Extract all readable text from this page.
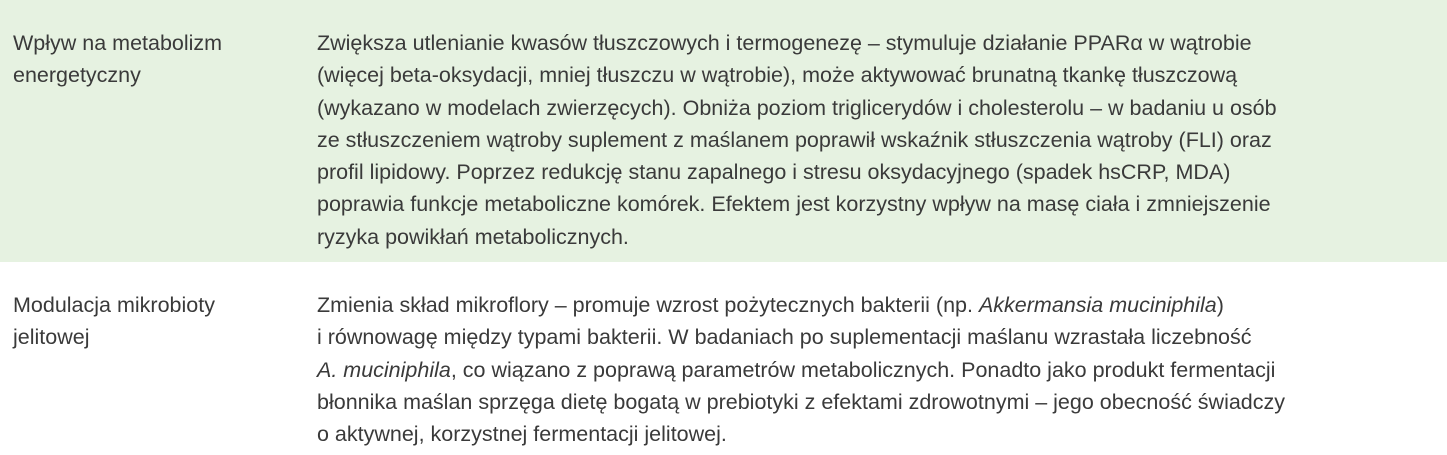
Wpływ na metabolizm
energetyczny
Zwiększa utlenianie kwasów tłuszczowych i termogenezę – stymuluje działanie PPARα w wątrobie
(więcej beta-oksydacji, mniej tłuszczu w wątrobie), może aktywować brunatną tkankę tłuszczową
(wykazano w modelach zwierzęcych). Obniża poziom triglicerydów i cholesterolu – w badaniu u osób
ze stłuszczeniem wątroby suplement z maślanem poprawił wskaźnik stłuszczenia wątroby (FLI) oraz
profil lipidowy. Poprzez redukcję stanu zapalnego i stresu oksydacyjnego (spadek hsCRP, MDA)
poprawia funkcje metaboliczne komórek. Efektem jest korzystny wpływ na masę ciała i zmniejszenie
ryzyka powikłań metabolicznych.
Modulacja mikrobioty
jelitowej
Zmienia skład mikroflory – promuje wzrost pożytecznych bakterii (np. Akkermansia muciniphila)
i równowagę między typami bakterii. W badaniach po suplementacji maślanu wzrastała liczebność
A. muciniphila, co wiązano z poprawą parametrów metabolicznych. Ponadto jako produkt fermentacji
błonnika maślan sprzęga dietę bogatą w prebiotyki z efektami zdrowotnymi – jego obecność świadczy
o aktywnej, korzystnej fermentacji jelitowej.
